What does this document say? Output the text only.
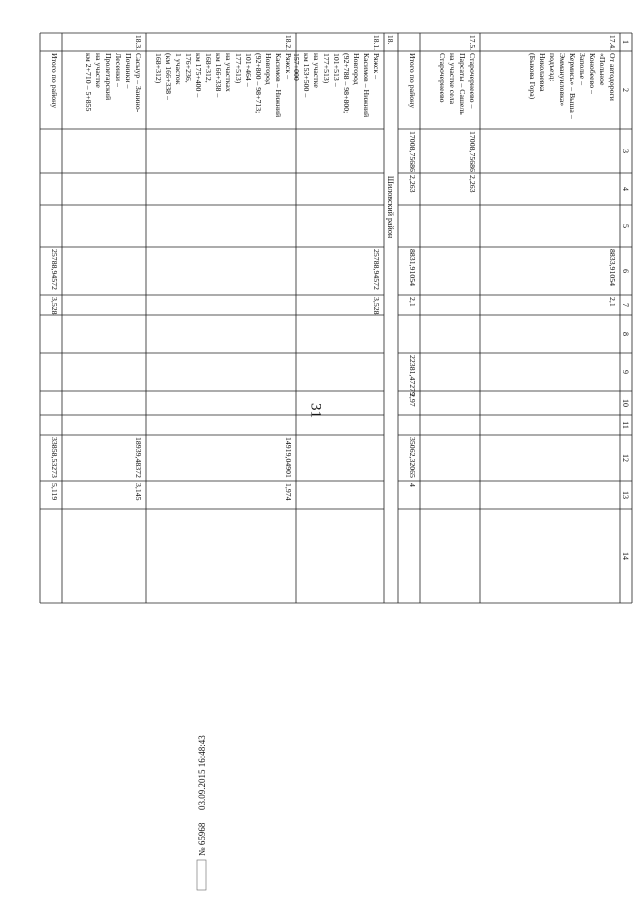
31
1
2
3
4
5
6
7
8
9
10
11
12
13
14
17.4.
От автодороги
«Польное
Конобеево –
Заполье –
Кермись» – Выша –
Эммануиловка»
подъезд:
Николаевка
(Быкова Гора)
8833,91054
2,1
17.5.
Старочернеево –
Парсаты – Сашель
на участке села
Старочернеево
17008,75686
2,263
Итого по району
17008,75686
2,263
8831,91054
2,1
22381,47279
2,97
35062,32065
4
18.
Шиловский район
18.1.
Ряжск –
Касимов – Нижний
Новгород
(92+788 – 98+800;
101+513 –
177+513)
на участке
км 153+500 –
157+000
25788,94572
3,528
18.2.
Ряжск –
Касимов – Нижний
Новгород
(92+800 – 98+713;
101+464 –
177+513)
на участках
км 166+338 –
168+312,
км 175+400 –
176+236,
1 участок
(км 166+338 –
168+312)
14919,04901
1,974
18.3.
Сасыур – Занино-
Починки –
Лесенки –
Пролетарский
на участке
км 2+710 – 5+855
18939,48372
3,145
Итого по району
25788,94572
3,528
33858,53273
5,119
№ 65968
03.09.2015 16:48:43
